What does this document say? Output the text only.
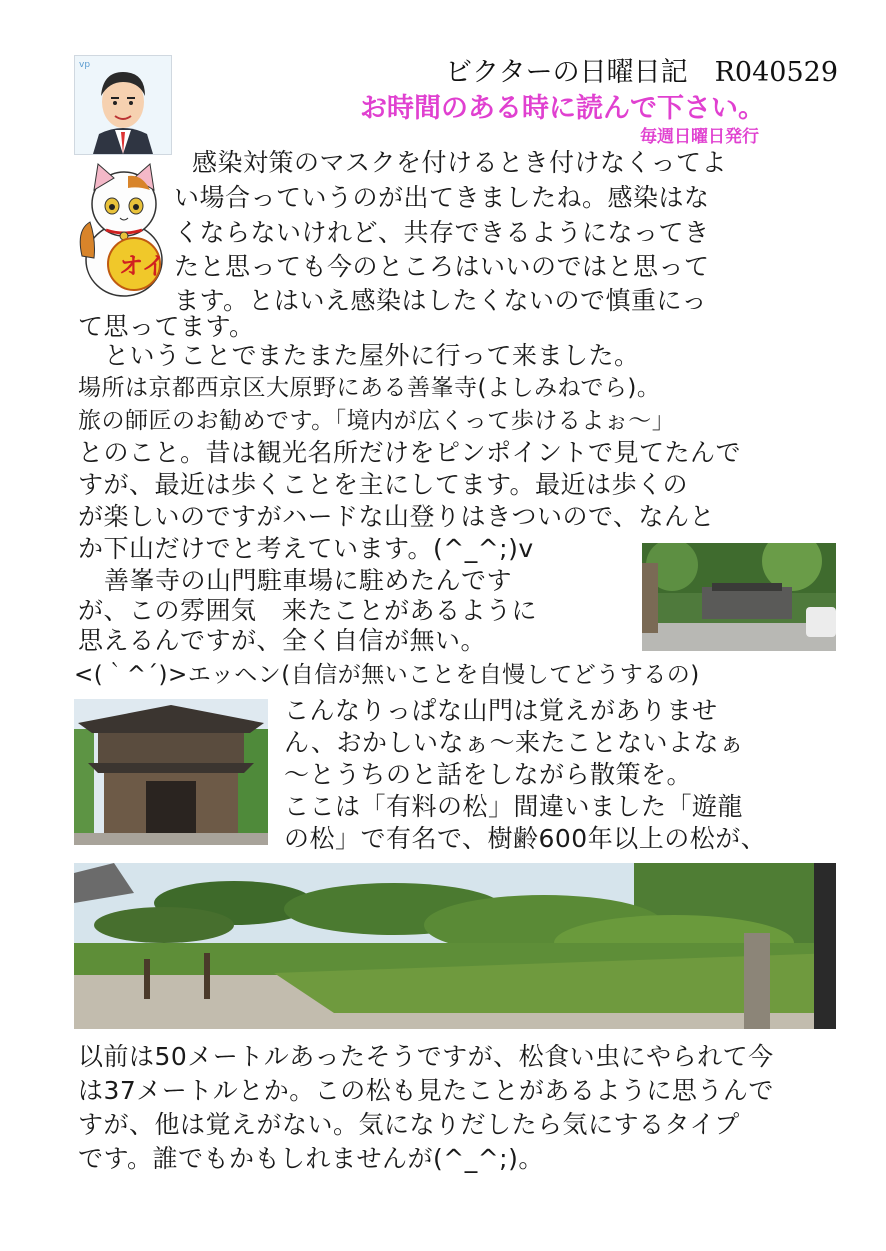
ビクターの日曜日記　R040529
お時間のある時に読んで下さい。
毎週日曜日発行
vp
オイ
感染対策のマスクを付けるとき付けなくってよ
い場合っていうのが出てきましたね。感染はな
くならないけれど、共存できるようになってき
たと思っても今のところはいいのではと思って
ます。とはいえ感染はしたくないので慎重にっ
て思ってます。
ということでまたまた屋外に行って来ました。
場所は京都西京区大原野にある善峯寺(よしみねでら)。
旅の師匠のお勧めです。「境内が広くって歩けるよぉ～」
とのこと。昔は観光名所だけをピンポイントで見てたんで
すが、最近は歩くことを主にしてます。最近は歩くの
が楽しいのですがハードな山登りはきついので、なんと
か下山だけでと考えています。(^_^;)v
善峯寺の山門駐車場に駐めたんです
が、この雰囲気　来たことがあるように
思えるんですが、全く自信が無い。
<(｀^´)>エッヘン(自信が無いことを自慢してどうするの)
こんなりっぱな山門は覚えがありませ
ん、おかしいなぁ～来たことないよなぁ
～とうちのと話をしながら散策を。
ここは「有料の松」間違いました「遊龍
の松」で有名で、樹齢600年以上の松が、
以前は50メートルあったそうですが、松食い虫にやられて今
は37メートルとか。この松も見たことがあるように思うんで
すが、他は覚えがない。気になりだしたら気にするタイプ
です。誰でもかもしれませんが(^_^;)。
